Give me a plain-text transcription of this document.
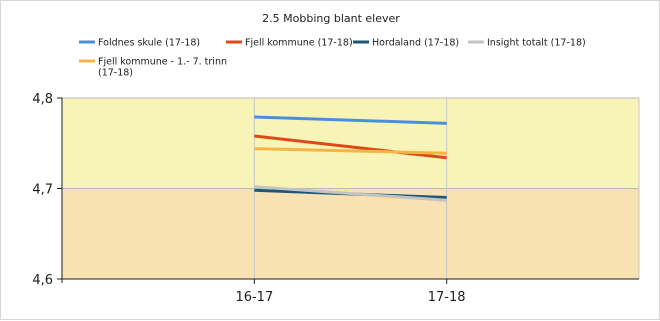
2.5 Mobbing blant elever
Foldnes skule (17-18)	Fjell kommune (17-18) Hordaland (17-18)	Insight totalt (17-18)
Fjell kommune - 1.- 7. trinn (17-18)
4,6
4,7
4,8
16-17	17-18
